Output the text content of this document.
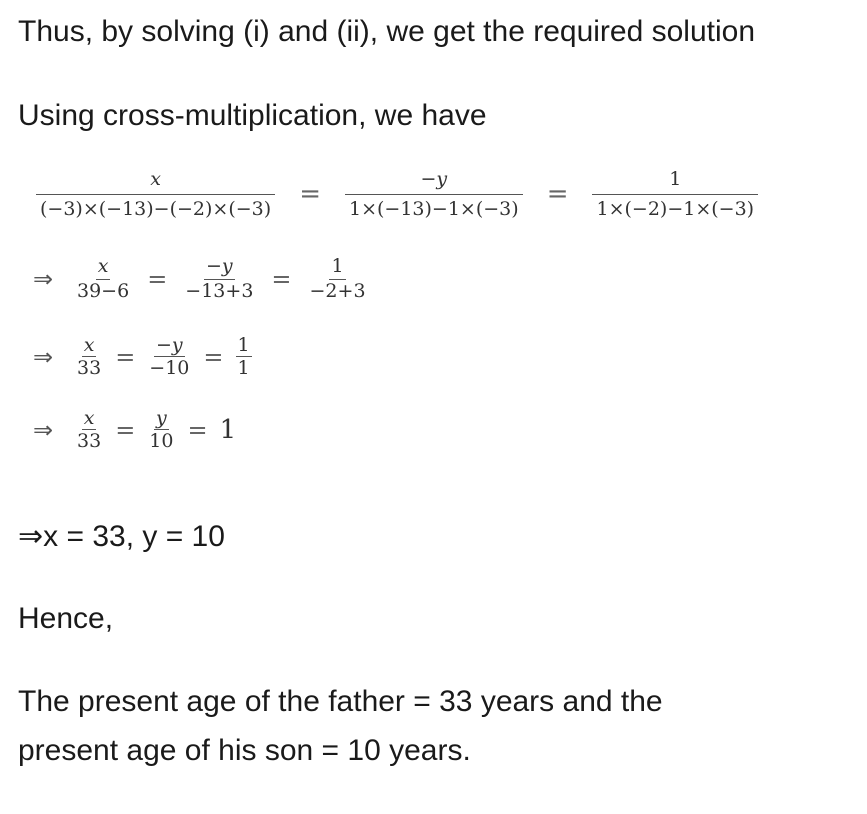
Thus, by solving (i) and (ii), we get the required solution

Using cross-multiplication, we have

$\frac{x}{(-3)\times(-13)-(-2)\times(-3)} = \frac{-y}{1\times(-13)-1\times(-3)} = \frac{1}{1\times(-2)-1\times(-3)}$
⇒	$\frac{x}{39-6} = \frac{-y}{-13+3} = \frac{1}{-2+3}$
⇒	$\frac{x}{33} = \frac{-y}{-10} = \frac{1}{1}$
⇒	$\frac{x}{33} = \frac{y}{10} = 1$

⇒x = 33, y = 10

Hence,

The present age of the father = 33 years and the

present age of his son = 10 years.
